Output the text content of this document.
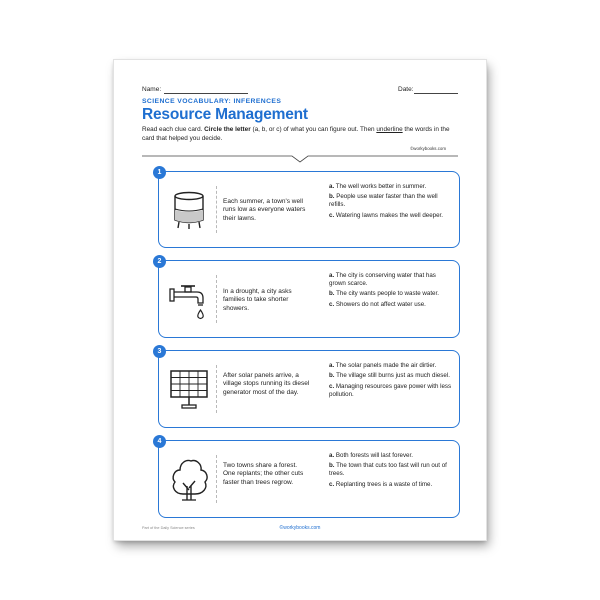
Name:	Date:
SCIENCE VOCABULARY: INFERENCES
Resource Management
Read each clue card. Circle the letter (a, b, or c) of what you can figure out. Then underline the words in the card that helped you decide.
©workybooks.com
1
Each summer, a town's well runs low as everyone waters their lawns.
a. The well works better in summer.
b. People use water faster than the well refills.
c. Watering lawns makes the well deeper.
2
In a drought, a city asks families to take shorter showers.
a. The city is conserving water that has grown scarce.
b. The city wants people to waste water.
c. Showers do not affect water use.
3
After solar panels arrive, a village stops running its diesel generator most of the day.
a. The solar panels made the air dirtier.
b. The village still burns just as much diesel.
c. Managing resources gave power with less pollution.
4
Two towns share a forest. One replants; the other cuts faster than trees regrow.
a. Both forests will last forever.
b. The town that cuts too fast will run out of trees.
c. Replanting trees is a waste of time.
Part of the Daily Science series	©workybooks.com
